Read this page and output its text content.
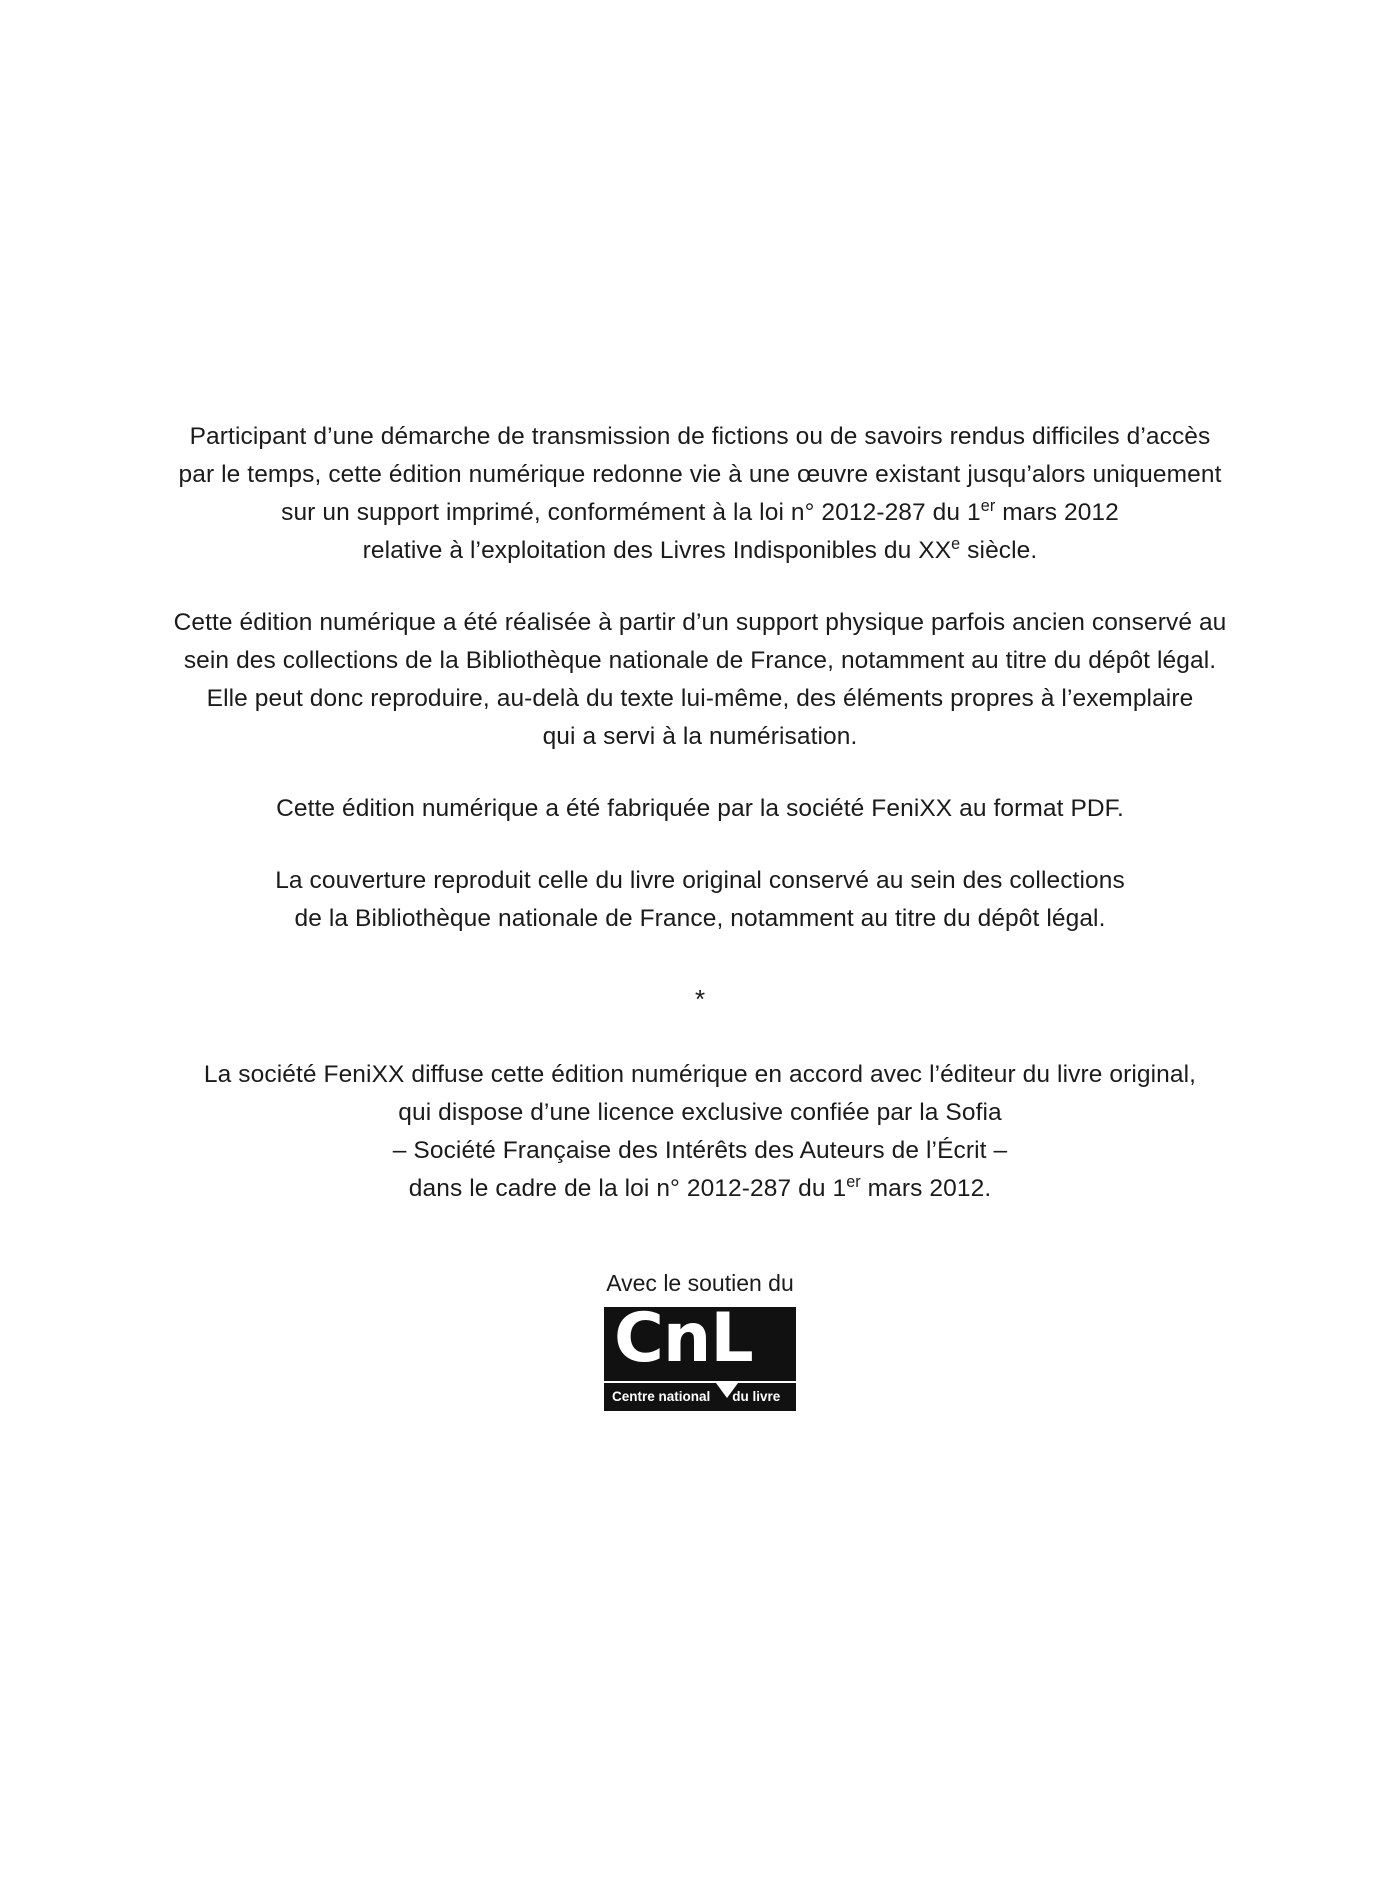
Participant d’une démarche de transmission de fictions ou de savoirs rendus difficiles d’accès
par le temps, cette édition numérique redonne vie à une œuvre existant jusqu’alors uniquement
sur un support imprimé, conformément à la loi n° 2012-287 du 1er mars 2012
relative à l’exploitation des Livres Indisponibles du XXe siècle.

Cette édition numérique a été réalisée à partir d’un support physique parfois ancien conservé au
sein des collections de la Bibliothèque nationale de France, notamment au titre du dépôt légal.
Elle peut donc reproduire, au-delà du texte lui-même, des éléments propres à l’exemplaire
qui a servi à la numérisation.

Cette édition numérique a été fabriquée par la société FeniXX au format PDF.

La couverture reproduit celle du livre original conservé au sein des collections
de la Bibliothèque nationale de France, notamment au titre du dépôt légal.

*

La société FeniXX diffuse cette édition numérique en accord avec l’éditeur du livre original,
qui dispose d’une licence exclusive confiée par la Sofia
– Société Française des Intérêts des Auteurs de l’Écrit –
dans le cadre de la loi n° 2012-287 du 1er mars 2012.

Avec le soutien du
CnL
Centre national du livre
